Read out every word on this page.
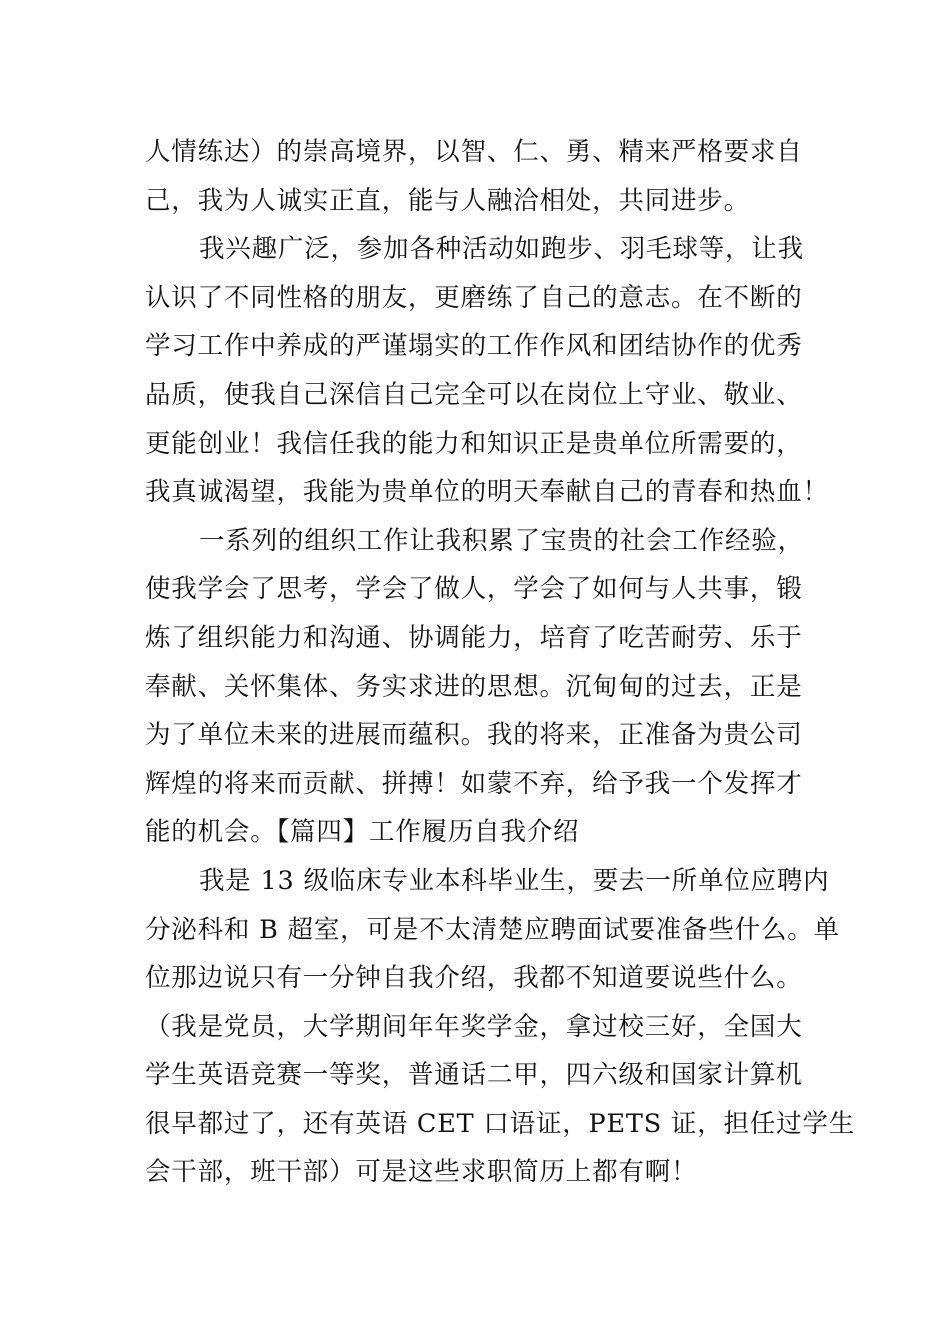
人情练达）的崇高境界，以智、仁、勇、精来严格要求自
己，我为人诚实正直，能与人融洽相处，共同进步。
我兴趣广泛，参加各种活动如跑步、羽毛球等，让我
认识了不同性格的朋友，更磨练了自己的意志。在不断的
学习工作中养成的严谨塌实的工作作风和团结协作的优秀
品质，使我自己深信自己完全可以在岗位上守业、敬业、
更能创业！我信任我的能力和知识正是贵单位所需要的，
我真诚渴望，我能为贵单位的明天奉献自己的青春和热血！
一系列的组织工作让我积累了宝贵的社会工作经验，
使我学会了思考，学会了做人，学会了如何与人共事，锻
炼了组织能力和沟通、协调能力，培育了吃苦耐劳、乐于
奉献、关怀集体、务实求进的思想。沉甸甸的过去，正是
为了单位未来的进展而蕴积。我的将来，正准备为贵公司
辉煌的将来而贡献、拼搏！如蒙不弃，给予我一个发挥才
能的机会。【篇四】工作履历自我介绍
我是 13 级临床专业本科毕业生，要去一所单位应聘内
分泌科和 B 超室，可是不太清楚应聘面试要准备些什么。单
位那边说只有一分钟自我介绍，我都不知道要说些什么。
（我是党员，大学期间年年奖学金，拿过校三好，全国大
学生英语竞赛一等奖，普通话二甲，四六级和国家计算机
很早都过了，还有英语 CET 口语证，PETS 证，担任过学生
会干部，班干部）可是这些求职简历上都有啊！
